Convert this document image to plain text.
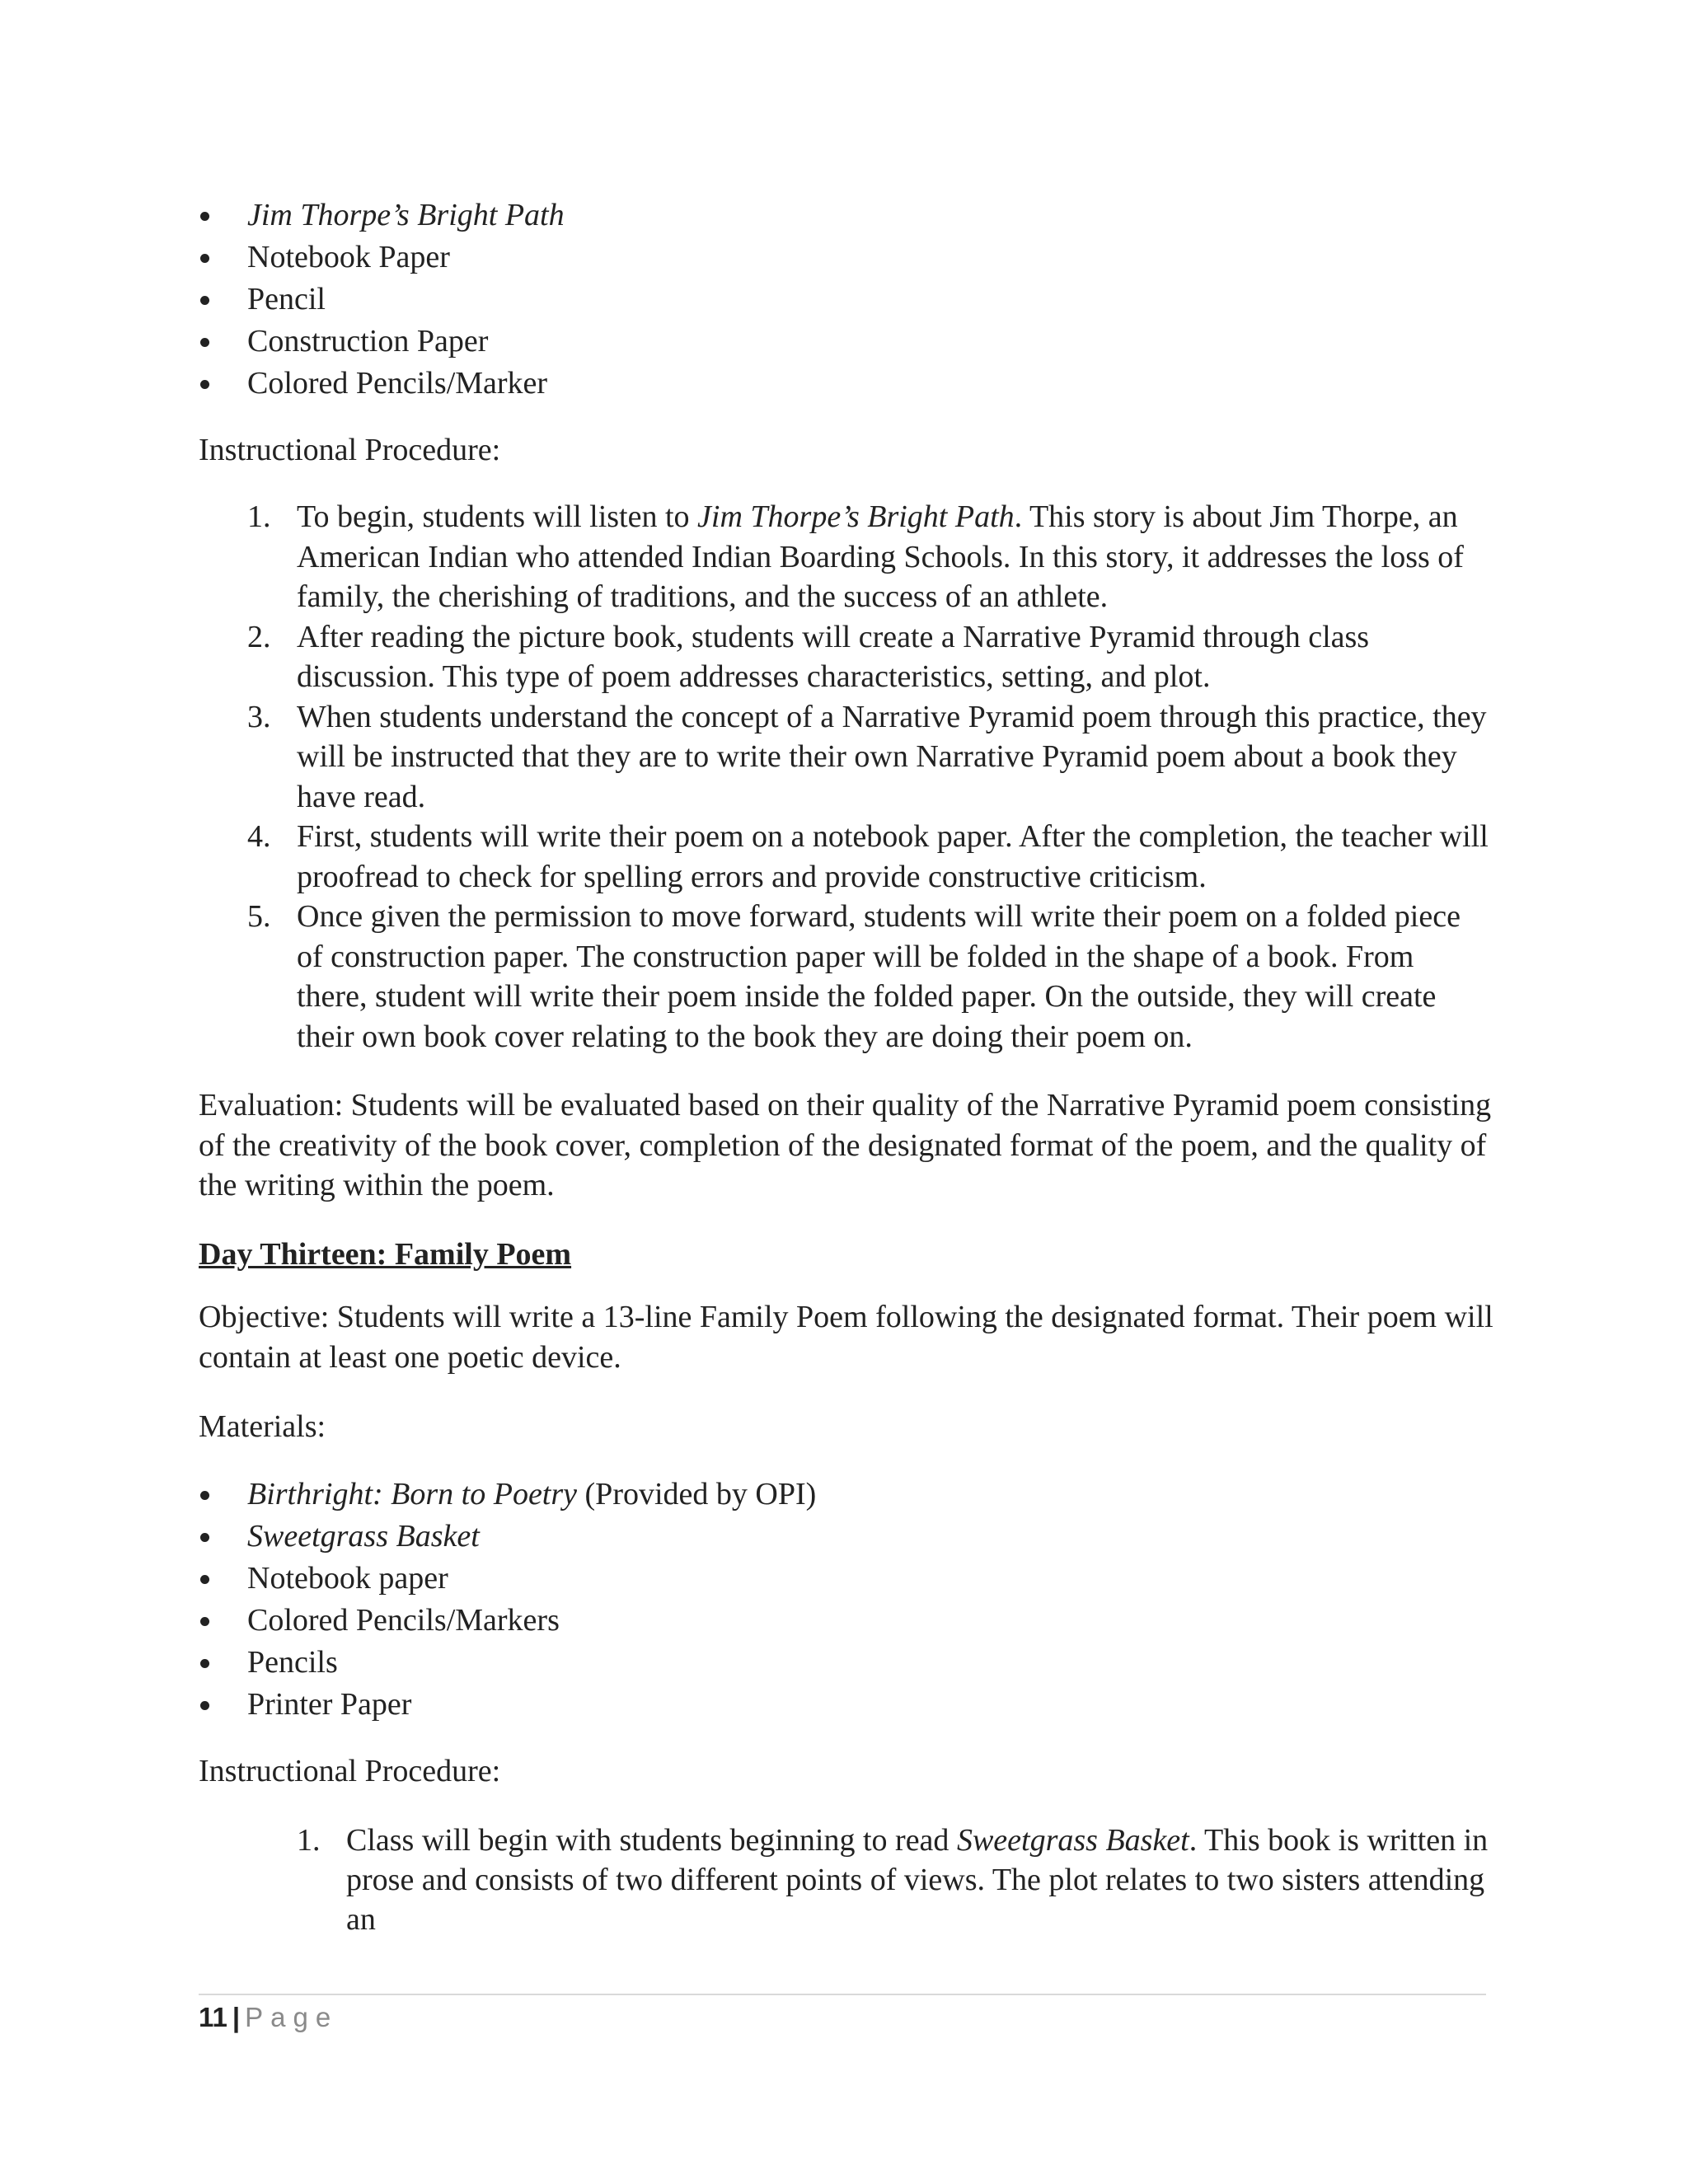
Jim Thorpe’s Bright Path
Notebook Paper
Pencil
Construction Paper
Colored Pencils/Marker
Instructional Procedure:
1. To begin, students will listen to Jim Thorpe’s Bright Path. This story is about Jim Thorpe, an American Indian who attended Indian Boarding Schools. In this story, it addresses the loss of family, the cherishing of traditions, and the success of an athlete.
2. After reading the picture book, students will create a Narrative Pyramid through class discussion. This type of poem addresses characteristics, setting, and plot.
3. When students understand the concept of a Narrative Pyramid poem through this practice, they will be instructed that they are to write their own Narrative Pyramid poem about a book they have read.
4. First, students will write their poem on a notebook paper. After the completion, the teacher will proofread to check for spelling errors and provide constructive criticism.
5. Once given the permission to move forward, students will write their poem on a folded piece of construction paper. The construction paper will be folded in the shape of a book. From there, student will write their poem inside the folded paper. On the outside, they will create their own book cover relating to the book they are doing their poem on.
Evaluation: Students will be evaluated based on their quality of the Narrative Pyramid poem consisting of the creativity of the book cover, completion of the designated format of the poem, and the quality of the writing within the poem.
Day Thirteen: Family Poem
Objective: Students will write a 13-line Family Poem following the designated format. Their poem will contain at least one poetic device.
Materials:
Birthright: Born to Poetry (Provided by OPI)
Sweetgrass Basket
Notebook paper
Colored Pencils/Markers
Pencils
Printer Paper
Instructional Procedure:
1. Class will begin with students beginning to read Sweetgrass Basket. This book is written in prose and consists of two different points of views. The plot relates to two sisters attending an
11 | Page
